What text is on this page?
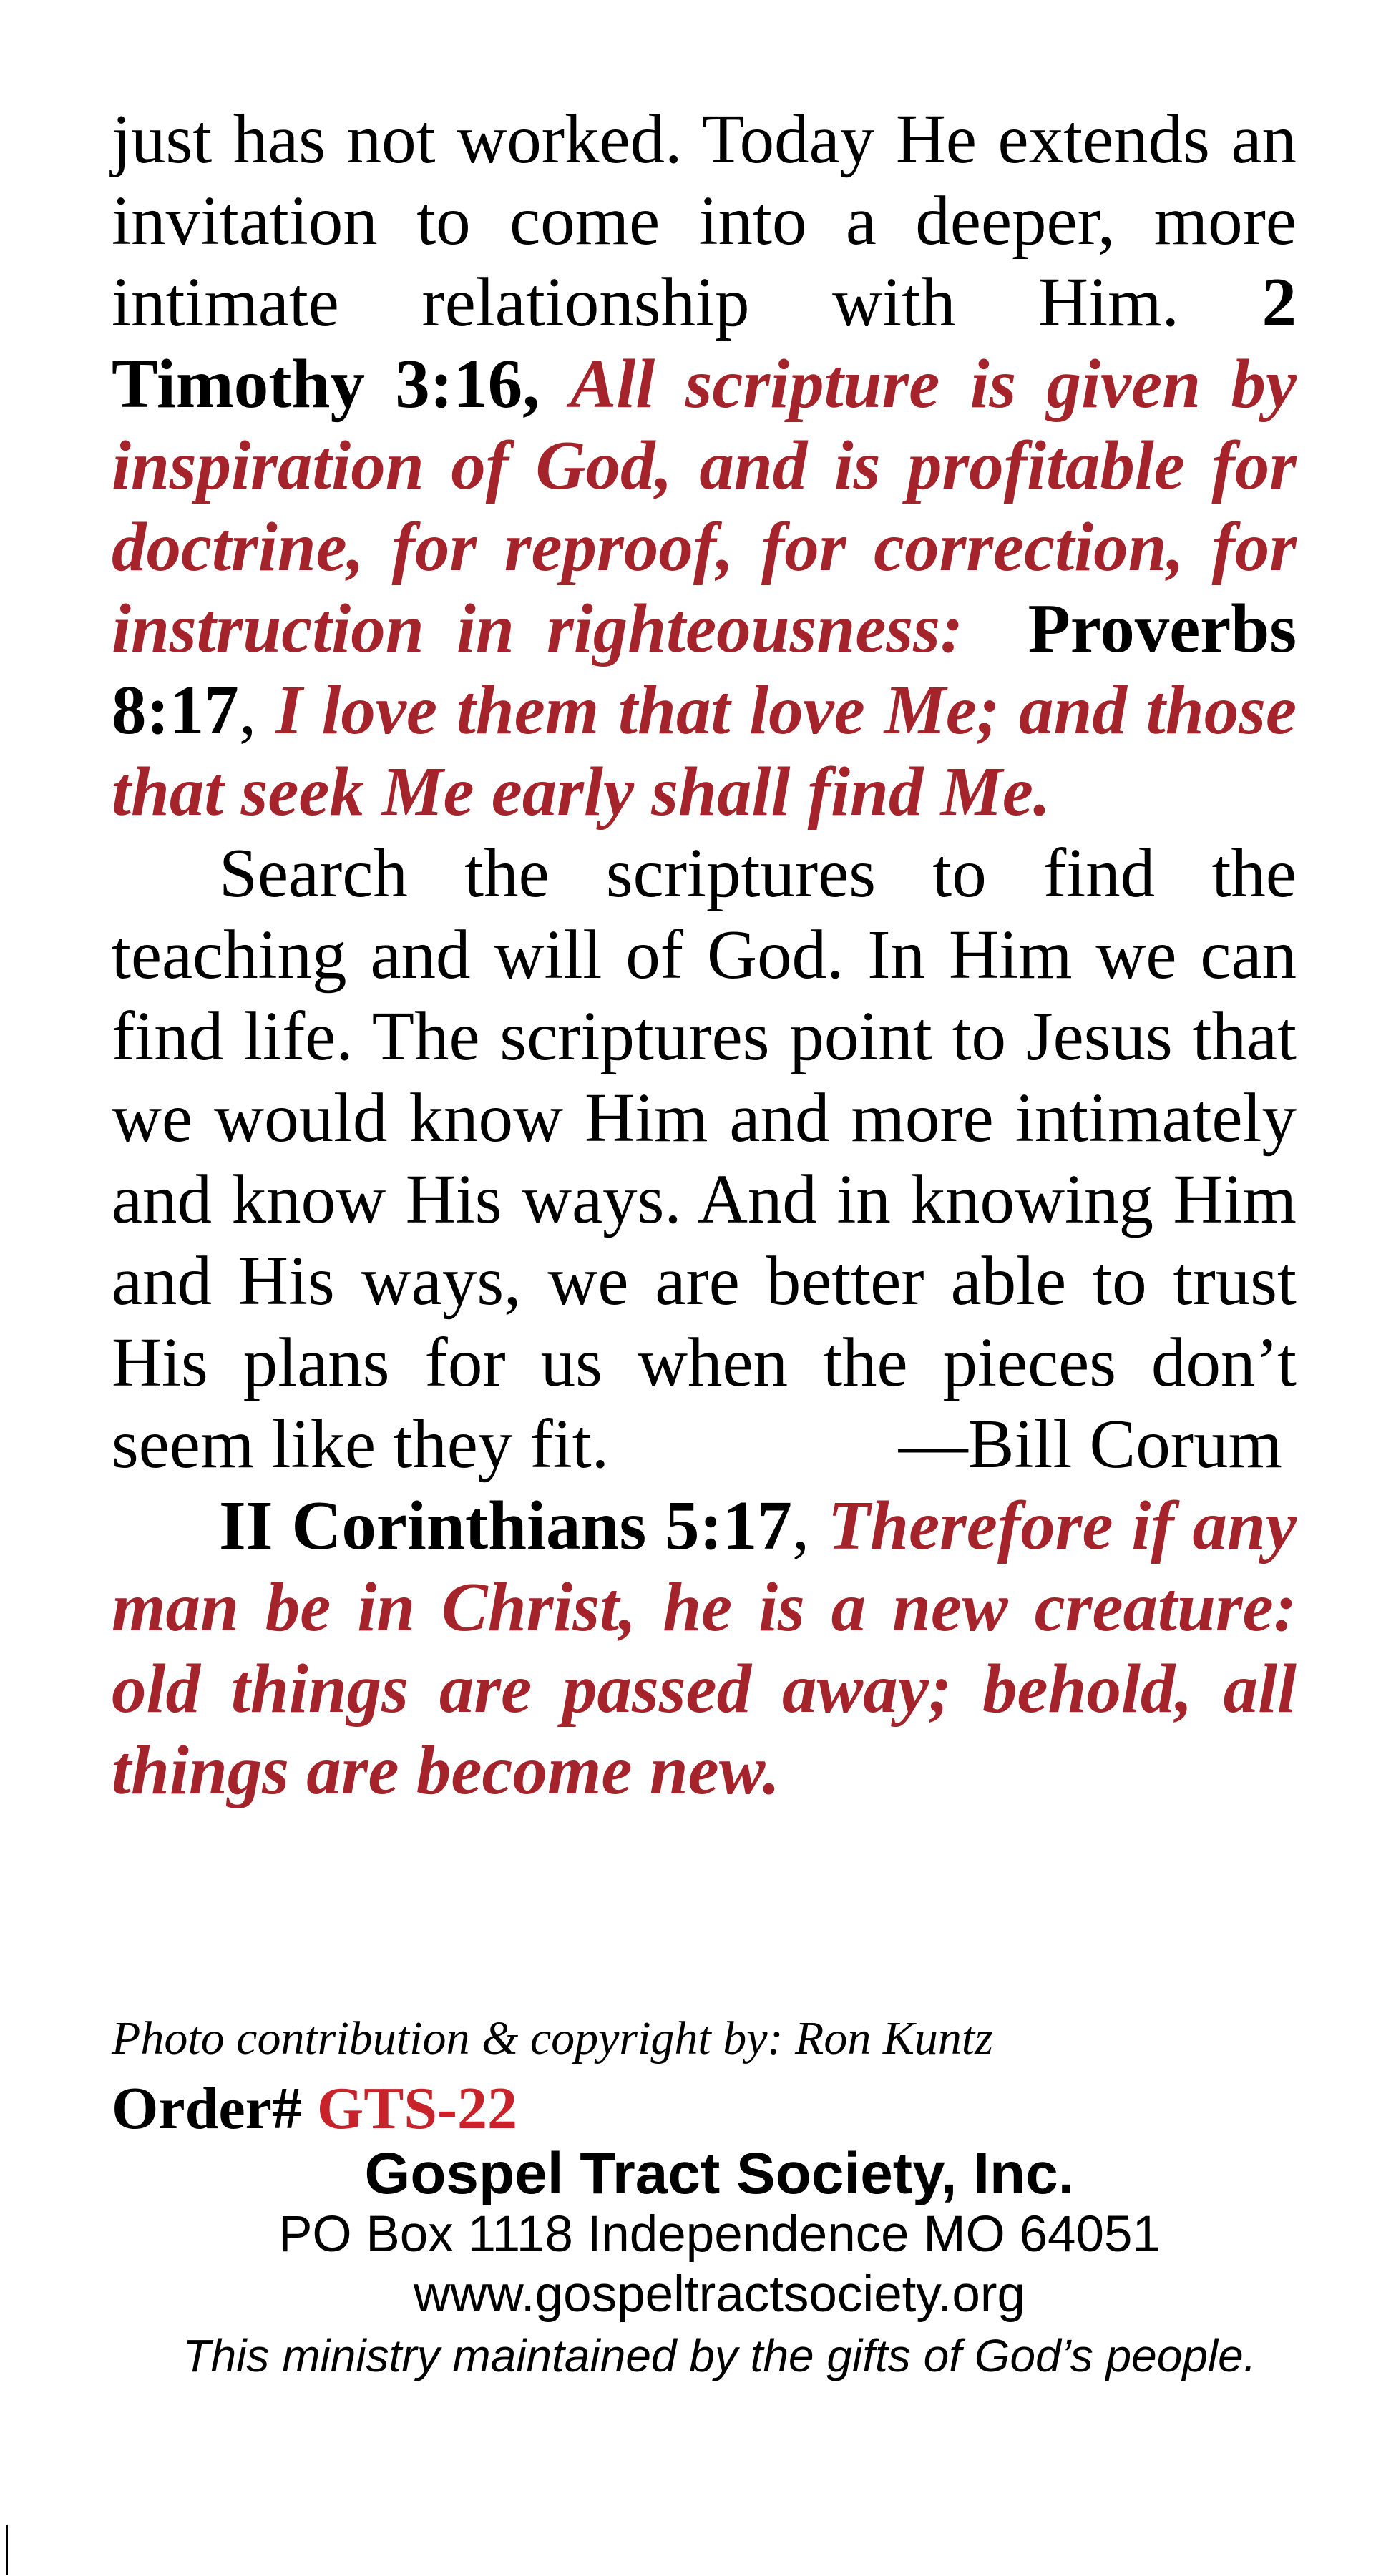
just has not worked. Today He extends an invitation to come into a deeper, more intimate relationship with Him. 2 Timothy 3:16, All scripture is given by inspiration of God, and is profitable for doctrine, for reproof, for correction, for instruction in righteousness: Proverbs 8:17, I love them that love Me; and those that seek Me early shall find Me.

Search the scriptures to find the teaching and will of God. In Him we can find life. The scriptures point to Jesus that we would know Him and more intimately and know His ways. And in knowing Him and His ways, we are better able to trust His plans for us when the pieces don’t seem like they fit.	—Bill Corum

II Corinthians 5:17, Therefore if any man be in Christ, he is a new creature: old things are passed away; behold, all things are become new.

Photo contribution & copyright by: Ron Kuntz
Order# GTS-22
Gospel Tract Society, Inc.
PO Box 1118 Independence MO 64051
www.gospeltractsociety.org
This ministry maintained by the gifts of God’s people.
